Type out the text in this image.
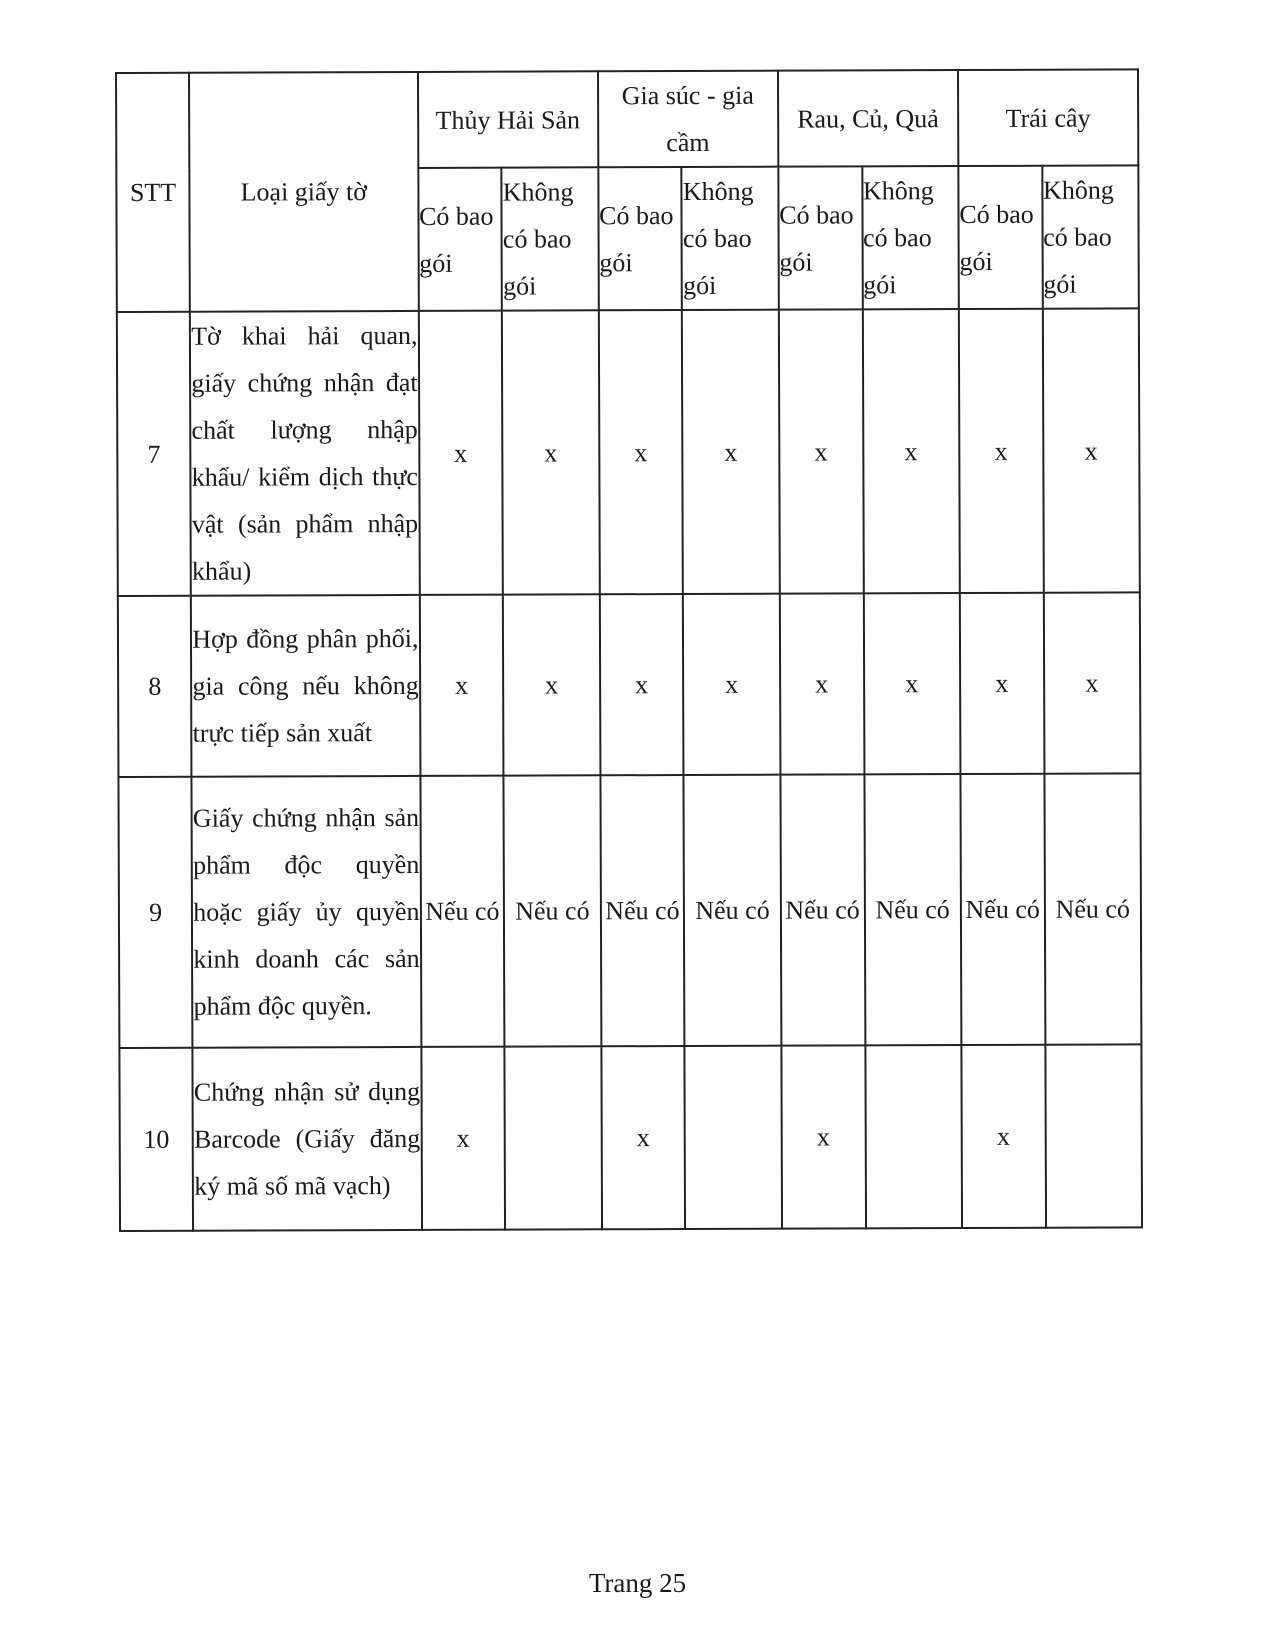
STT	Loại giấy tờ	Thủy Hải Sản		Gia súc - gia cầm		Rau, Củ, Quả		Trái cây	
		Có bao gói	Không có bao gói	Có bao gói	Không có bao gói	Có bao gói	Không có bao gói	Có bao gói	Không có bao gói
7	Tờ khai hải quan, giấy chứng nhận đạt chất lượng nhập khẩu/ kiểm dịch thực vật (sản phẩm nhập khẩu)	x	x	x	x	x	x	x	x
8	Hợp đồng phân phối, gia công nếu không trực tiếp sản xuất	x	x	x	x	x	x	x	x
9	Giấy chứng nhận sản phẩm độc quyền hoặc giấy ủy quyền kinh doanh các sản phẩm độc quyền.	Nếu có	Nếu có	Nếu có	Nếu có	Nếu có	Nếu có	Nếu có	Nếu có
10	Chứng nhận sử dụng Barcode (Giấy đăng ký mã số mã vạch)	x		x		x		x	
Trang 25
